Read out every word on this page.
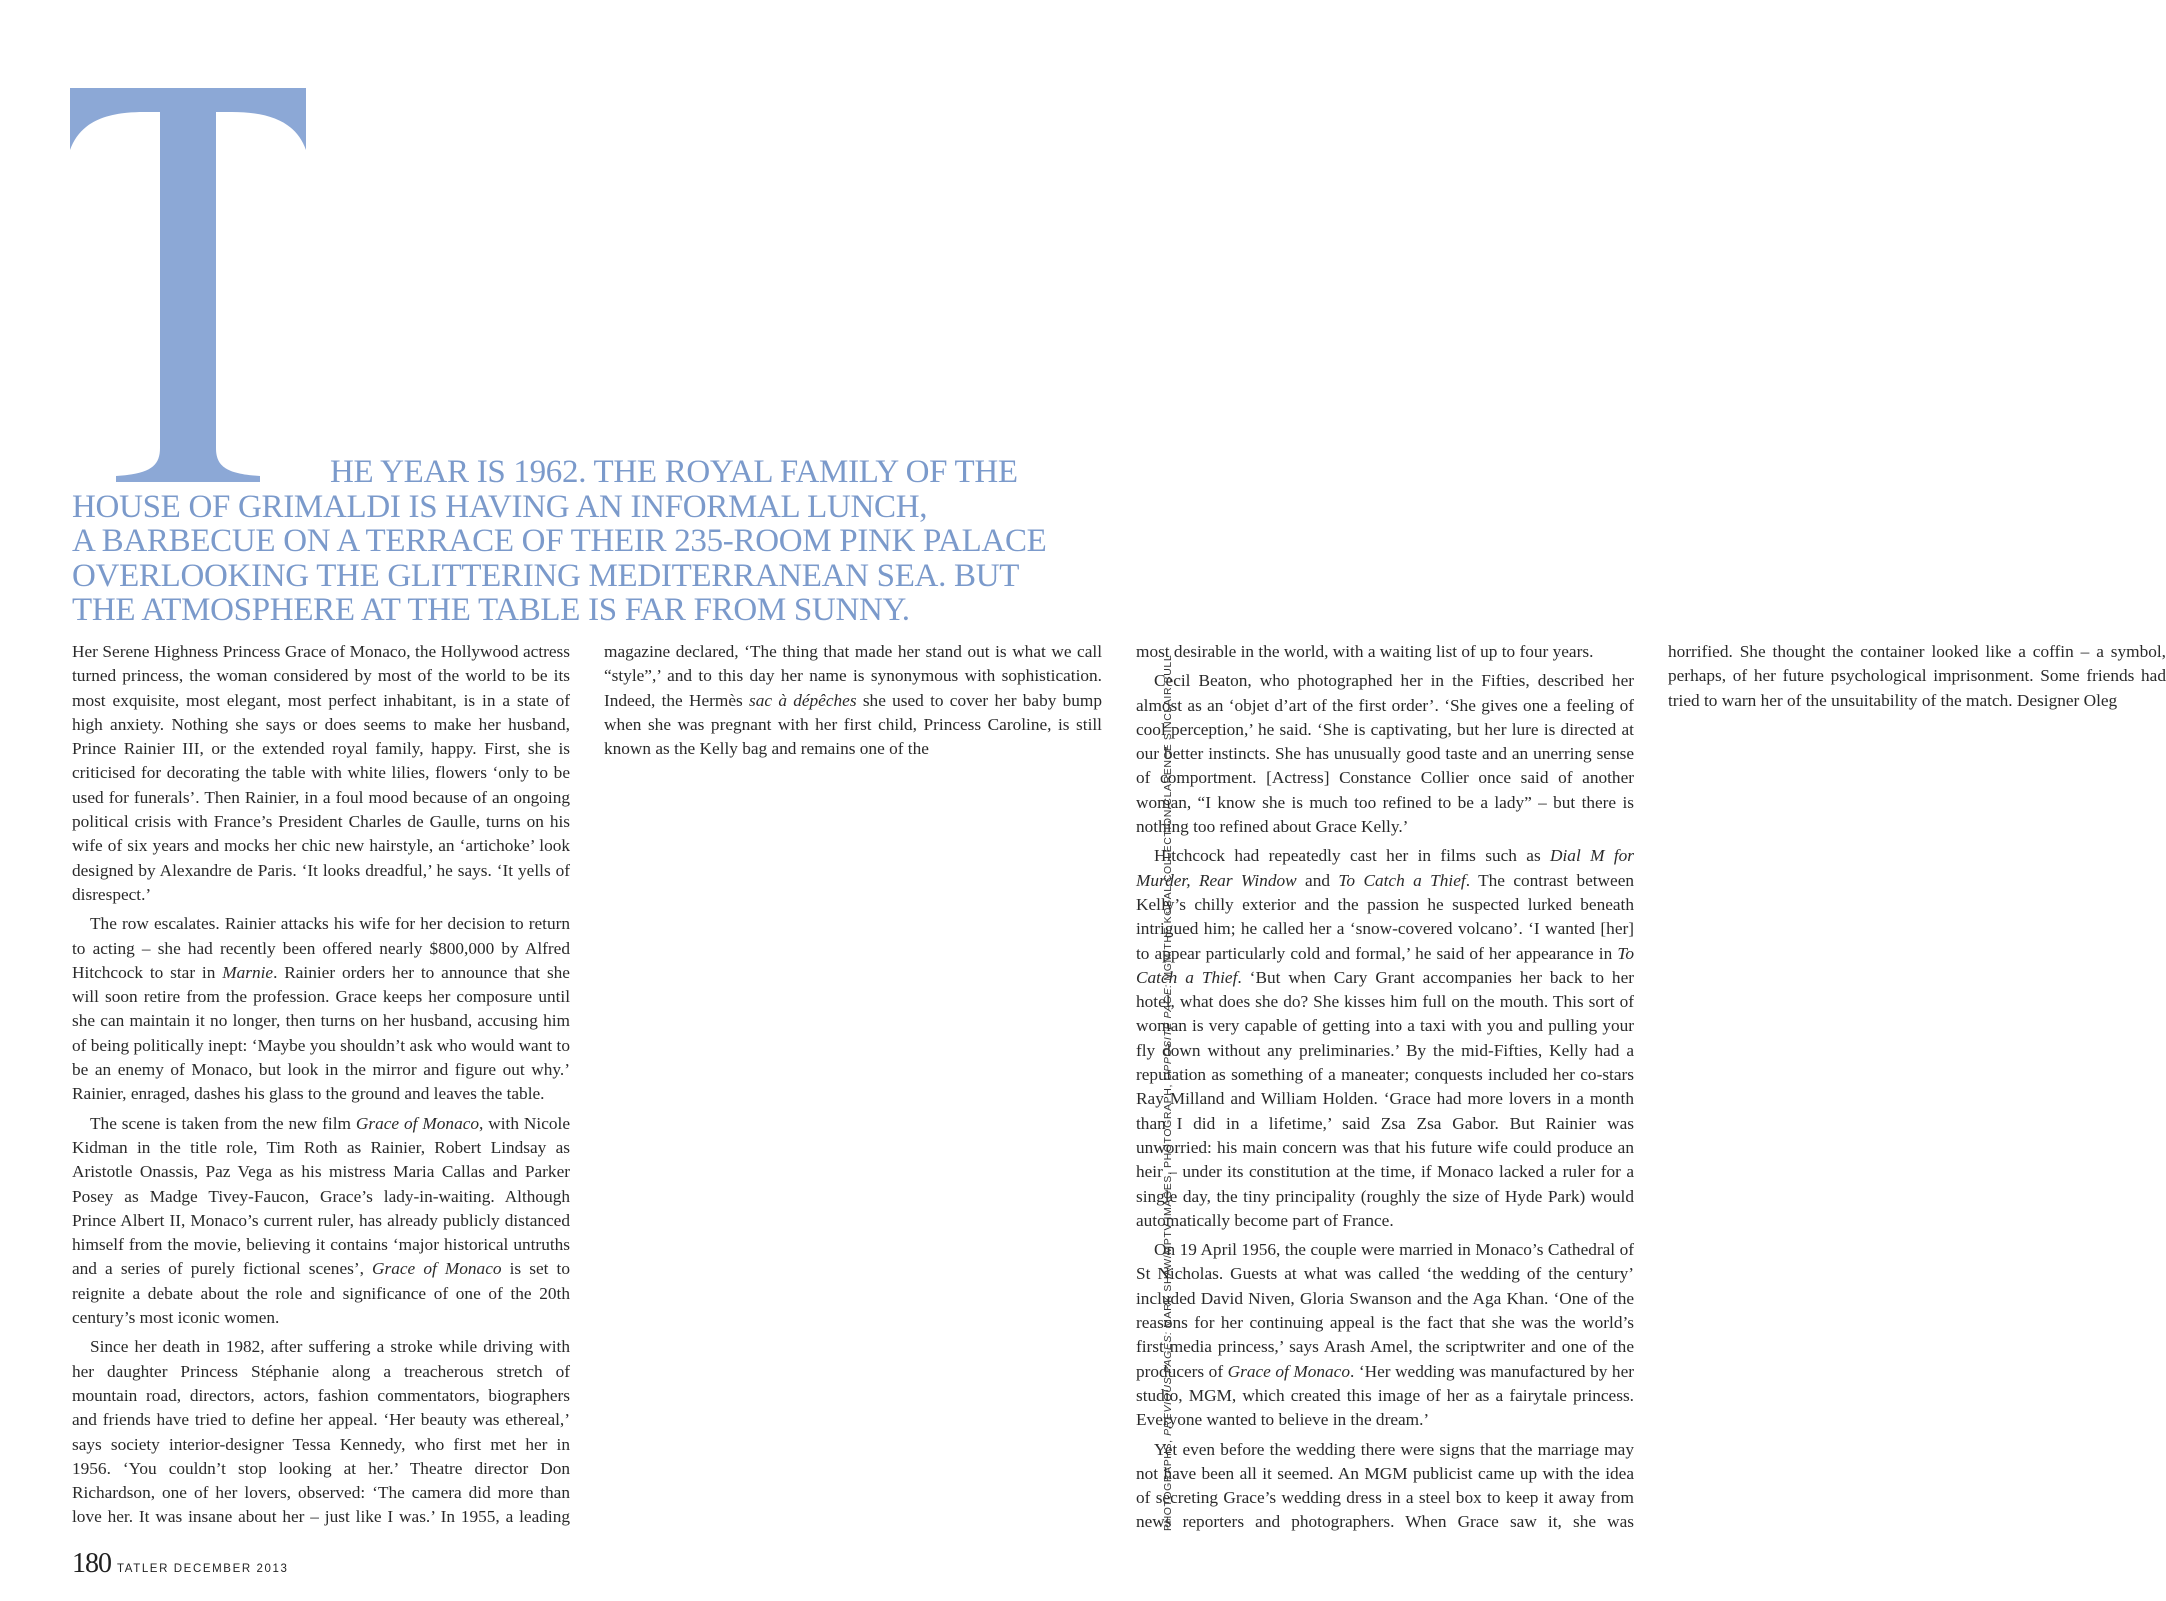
HE YEAR IS 1962. THE ROYAL FAMILY OF THE
HOUSE OF GRIMALDI IS HAVING AN INFORMAL LUNCH,
A BARBECUE ON A TERRACE OF THEIR 235-ROOM PINK PALACE
OVERLOOKING THE GLITTERING MEDITERRANEAN SEA. BUT
THE ATMOSPHERE AT THE TABLE IS FAR FROM SUNNY.

Her Serene Highness Princess Grace of Monaco, the Hollywood actress turned princess, the woman considered by most of the world to be its most exquisite, most elegant, most perfect inhabitant, is in a state of high anxiety. Nothing she says or does seems to make her husband, Prince Rainier III, or the extended royal family, happy. First, she is criticised for decorating the table with white lilies, flowers ‘only to be used for funerals’. Then Rainier, in a foul mood because of an ongoing political crisis with France’s President Charles de Gaulle, turns on his wife of six years and mocks her chic new hairstyle, an ‘artichoke’ look designed by Alexandre de Paris. ‘It looks dreadful,’ he says. ‘It yells of disrespect.’

The row escalates. Rainier attacks his wife for her decision to return to acting – she had recently been offered nearly $800,000 by Alfred Hitchcock to star in Marnie. Rainier orders her to announce that she will soon retire from the profession. Grace keeps her composure until she can maintain it no longer, then turns on her husband, accusing him of being politically inept: ‘Maybe you shouldn’t ask who would want to be an enemy of Monaco, but look in the mirror and figure out why.’ Rainier, enraged, dashes his glass to the ground and leaves the table.

The scene is taken from the new film Grace of Monaco, with Nicole Kidman in the title role, Tim Roth as Rainier, Robert Lindsay as Aristotle Onassis, Paz Vega as his mistress Maria Callas and Parker Posey as Madge Tivey-Faucon, Grace’s lady-in-waiting. Although Prince Albert II, Monaco’s current ruler, has already publicly distanced himself from the movie, believing it contains ‘major historical untruths and a series of purely fictional scenes’, Grace of Monaco is set to reignite a debate about the role and significance of one of the 20th century’s most iconic women.

Since her death in 1982, after suffering a stroke while driving with her daughter Princess Stéphanie along a treacherous stretch of mountain road, directors, actors, fashion commentators, biographers and friends have tried to define her appeal. ‘Her beauty was ethereal,’ says society interior-designer Tessa Kennedy, who first met her in 1956. ‘You couldn’t stop looking at her.’ Theatre director Don Richardson, one of her lovers, observed: ‘The camera did more than love her. It was insane about her – just like I was.’ In 1955, a leading magazine declared, ‘The thing that made her stand out is what we call “style”,’ and to this day her name is synonymous with sophistication. Indeed, the Hermès sac à dépêches she used to cover her baby bump when she was pregnant with her first child, Princess Caroline, is still known as the Kelly bag and remains one of the

most desirable in the world, with a waiting list of up to four years.

Cecil Beaton, who photographed her in the Fifties, described her almost as an ‘objet d’art of the first order’. ‘She gives one a feeling of cool perception,’ he said. ‘She is captivating, but her lure is directed at our better instincts. She has unusually good taste and an unerring sense of comportment. [Actress] Constance Collier once said of another woman, “I know she is much too refined to be a lady” – but there is nothing too refined about Grace Kelly.’

Hitchcock had repeatedly cast her in films such as Dial M for Murder, Rear Window and To Catch a Thief. The contrast between Kelly’s chilly exterior and the passion he suspected lurked beneath intrigued him; he called her a ‘snow-covered volcano’. ‘I wanted [her] to appear particularly cold and formal,’ he said of her appearance in To Catch a Thief. ‘But when Cary Grant accompanies her back to her hotel, what does she do? She kisses him full on the mouth. This sort of woman is very capable of getting into a taxi with you and pulling your fly down without any preliminaries.’ By the mid-Fifties, Kelly had a reputation as something of a maneater; conquests included her co-stars Ray Milland and William Holden. ‘Grace had more lovers in a month than I did in a lifetime,’ said Zsa Zsa Gabor. But Rainier was unworried: his main concern was that his future wife could produce an heir – under its constitution at the time, if Monaco lacked a ruler for a single day, the tiny principality (roughly the size of Hyde Park) would automatically become part of France.

On 19 April 1956, the couple were married in Monaco’s Cathedral of St Nicholas. Guests at what was called ‘the wedding of the century’ included David Niven, Gloria Swanson and the Aga Khan. ‘One of the reasons for her continuing appeal is the fact that she was the world’s first media princess,’ says Arash Amel, the scriptwriter and one of the producers of Grace of Monaco. ‘Her wedding was manufactured by her studio, MGM, which created this image of her as a fairytale princess. Everyone wanted to believe in the dream.’

Yet even before the wedding there were signs that the marriage may not have been all it seemed. An MGM publicist came up with the idea of secreting Grace’s wedding dress in a steel box to keep it away from news reporters and photographers. When Grace saw it, she was horrified. She thought the container looked like a coffin – a symbol, perhaps, of her future psychological imprisonment. Some friends had tried to warn her of the unsuitability of the match. Designer Oleg

180 TATLER DECEMBER 2013
PHOTOGRAPHS, PREVIOUS PAGES: MARK SHAW/MPTV IMAGES. PHOTOGRAPH, OPPOSITE PAGE: MGM/THE KOBAL COLLECTION/CLARENCE SINCLAIR BULL
